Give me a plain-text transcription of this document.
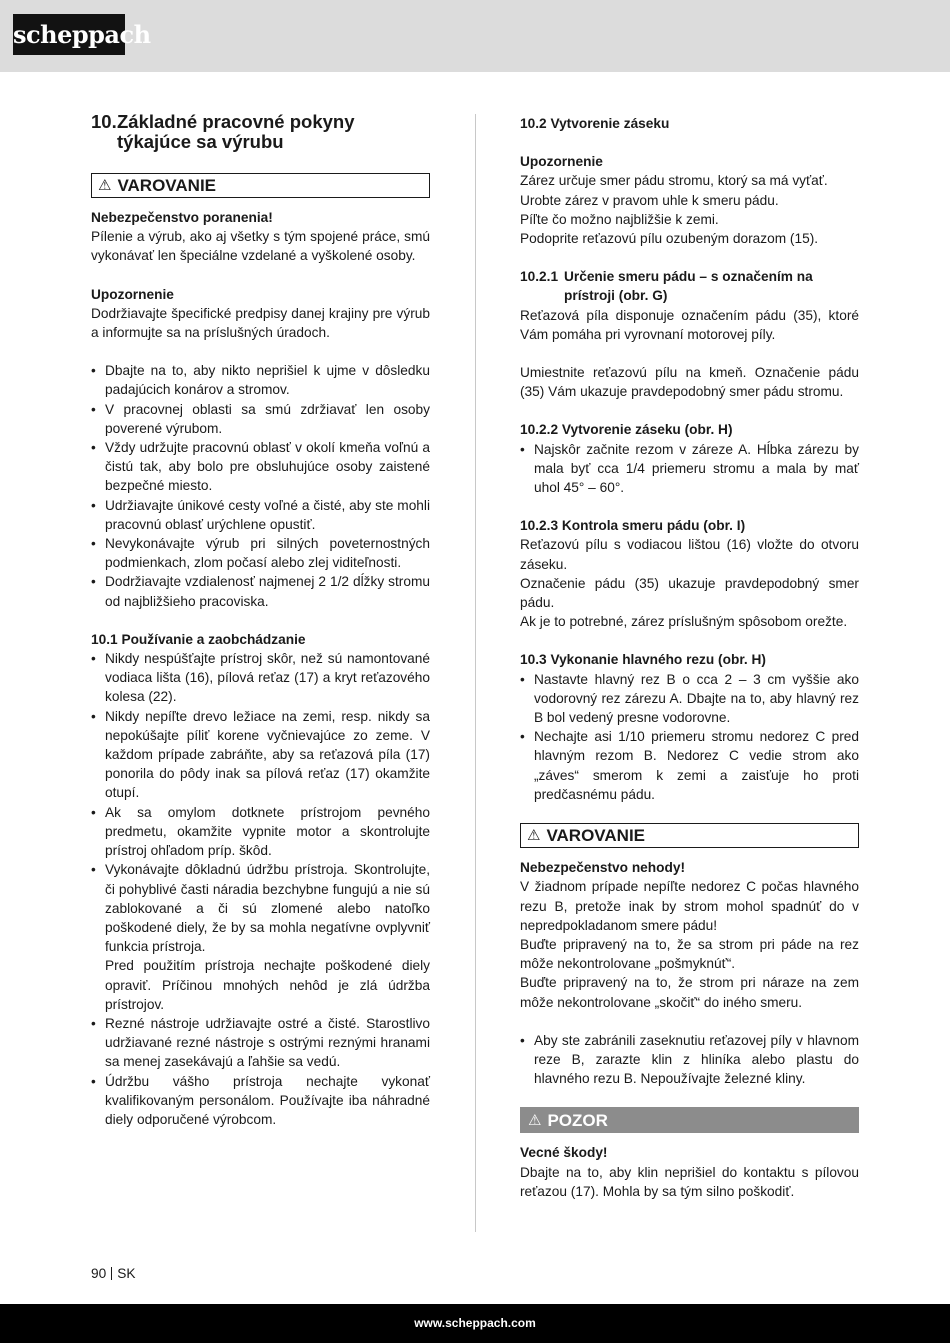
scheppach
10. Základné pracovné pokyny týkajúce sa výrubu
⚠ VAROVANIE

Nebezpečenstvo poranenia!

Pílenie a výrub, ako aj všetky s tým spojené práce, smú vykonávať len špeciálne vzdelané a vyškolené osoby.

Upozornenie

Dodržiavajte špecifické predpisy danej krajiny pre výrub a informujte sa na príslušných úradoch.

• Dbajte na to, aby nikto neprišiel k ujme v dôsledku padajúcich konárov a stromov.
• V pracovnej oblasti sa smú zdržiavať len osoby poverené výrubom.
• Vždy udržujte pracovnú oblasť v okolí kmeňa voľnú a čistú tak, aby bolo pre obsluhujúce osoby zaistené bezpečné miesto.
• Udržiavajte únikové cesty voľné a čisté, aby ste mohli pracovnú oblasť urýchlene opustiť.
• Nevykonávajte výrub pri silných poveternostných podmienkach, zlom počasí alebo zlej viditeľnosti.
• Dodržiavajte vzdialenosť najmenej 2 1/2 dĺžky stromu od najbližšieho pracoviska.

10.1 Používanie a zaobchádzanie

• Nikdy nespúšťajte prístroj skôr, než sú namontované vodiaca lišta (16), pílová reťaz (17) a kryt reťazového kolesa (22).
• Nikdy nepíľte drevo ležiace na zemi, resp. nikdy sa nepokúšajte píliť korene vyčnievajúce zo zeme. V každom prípade zabráňte, aby sa reťazová píla (17) ponorila do pôdy inak sa pílová reťaz (17) okamžite otupí.
• Ak sa omylom dotknete prístrojom pevného predmetu, okamžite vypnite motor a skontrolujte prístroj ohľadom príp. škôd.
• Vykonávajte dôkladnú údržbu prístroja. Skontrolujte, či pohyblivé časti náradia bezchybne fungujú a nie sú zablokované a či sú zlomené alebo natoľko poškodené diely, že by sa mohla negatívne ovplyvniť funkcia prístroja.
Pred použitím prístroja nechajte poškodené diely opraviť. Príčinou mnohých nehôd je zlá údržba prístrojov.
• Rezné nástroje udržiavajte ostré a čisté. Starostlivo udržiavané rezné nástroje s ostrými reznými hranami sa menej zasekávajú a ľahšie sa vedú.
• Údržbu vášho prístroja nechajte vykonať kvalifikovaným personálom. Používajte iba náhradné diely odporučené výrobcom.

10.2 Vytvorenie záseku

Upozornenie

Zárez určuje smer pádu stromu, ktorý sa má vyťať.

Urobte zárez v pravom uhle k smeru pádu.

Píľte čo možno najbližšie k zemi.

Podoprite reťazovú pílu ozubeným dorazom (15).

10.2.1 Určenie smeru pádu – s označením na prístroji (obr. G)

Reťazová píla disponuje označením pádu (35), ktoré Vám pomáha pri vyrovnaní motorovej píly.

Umiestnite reťazovú pílu na kmeň. Označenie pádu (35) Vám ukazuje pravdepodobný smer pádu stromu.

10.2.2 Vytvorenie záseku (obr. H)

• Najskôr začnite rezom v záreze A. Hĺbka zárezu by mala byť cca 1/4 priemeru stromu a mala by mať uhol 45° – 60°.

10.2.3 Kontrola smeru pádu (obr. I)

Reťazovú pílu s vodiacou lištou (16) vložte do otvoru záseku.

Označenie pádu (35) ukazuje pravdepodobný smer pádu.

Ak je to potrebné, zárez príslušným spôsobom orežte.

10.3 Vykonanie hlavného rezu (obr. H)

• Nastavte hlavný rez B o cca 2 – 3 cm vyššie ako vodorovný rez zárezu A. Dbajte na to, aby hlavný rez B bol vedený presne vodorovne.
• Nechajte asi 1/10 priemeru stromu nedorez C pred hlavným rezom B. Nedorez C vedie strom ako „záves“ smerom k zemi a zaisťuje ho proti predčasnému pádu.
⚠ VAROVANIE

Nebezpečenstvo nehody!

V žiadnom prípade nepíľte nedorez C počas hlavného rezu B, pretože inak by strom mohol spadnúť do v nepredpokladanom smere pádu!

Buďte pripravený na to, že sa strom pri páde na rez môže nekontrolovane „pošmyknúť“.

Buďte pripravený na to, že strom pri náraze na zem môže nekontrolovane „skočiť“ do iného smeru.

• Aby ste zabránili zaseknutiu reťazovej píly v hlavnom reze B, zarazte klin z hliníka alebo plastu do hlavného rezu B. Nepoužívajte železné kliny.
⚠ POZOR

Vecné škody!

Dbajte na to, aby klin neprišiel do kontaktu s pílovou reťazou (17). Mohla by sa tým silno poškodiť.

90 SK
www.scheppach.com
